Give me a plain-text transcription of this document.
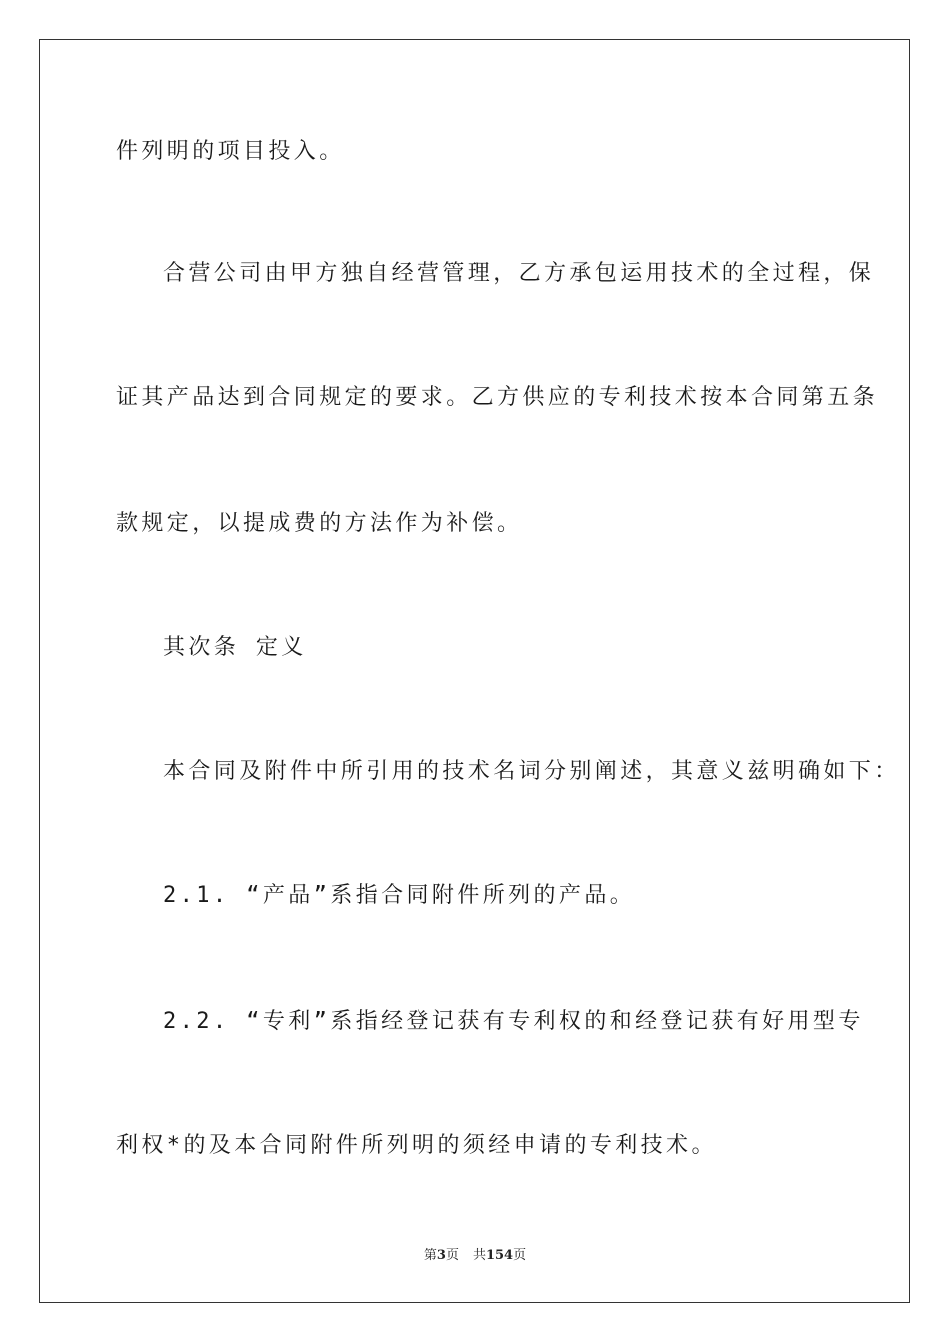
件列明的项目投入。
合营公司由甲方独自经营管理，乙方承包运用技术的全过程，保
证其产品达到合同规定的要求。乙方供应的专利技术按本合同第五条
款规定，以提成费的方法作为补偿。
其次条 定义
本合同及附件中所引用的技术名词分别阐述，其意义兹明确如下：
2.1. “产品”系指合同附件所列的产品。
2.2. “专利”系指经登记获有专利权的和经登记获有好用型专
利权*的及本合同附件所列明的须经申请的专利技术。
第3页 共154页
